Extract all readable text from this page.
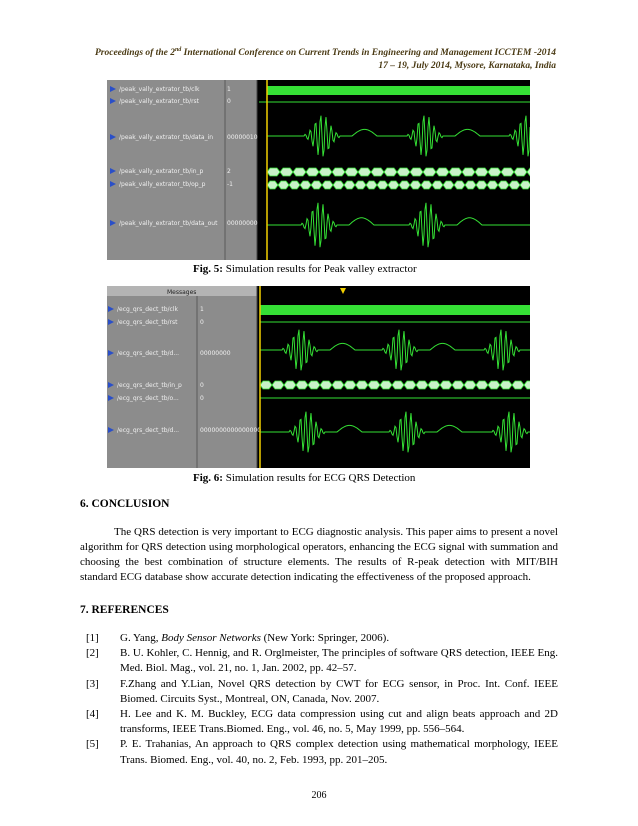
Proceedings of the 2nd International Conference on Current Trends in Engineering and Management ICCTEM -2014
17 – 19, July 2014, Mysore, Karnataka, India
/peak_vally_extrator_tb/clk	1
/peak_vally_extrator_tb/rst	0
/peak_vally_extrator_tb/data_in 00000010
/peak_vally_extrator_tb/in_p	2
/peak_vally_extrator_tb/op_p	-1
/peak_vally_extrator_tb/data_out 00000000
Fig. 5: Simulation results for Peak valley extractor
Messages
/ecg_qrs_dect_tb/clk	1
/ecg_qrs_dect_tb/rst	0
/ecg_qrs_dect_tb/d...	00000000
/ecg_qrs_dect_tb/in_p	0
/ecg_qrs_dect_tb/o...	0
/ecg_qrs_dect_tb/d...	0000000000000000
Fig. 6: Simulation results for ECG QRS Detection
6. CONCLUSION

The QRS detection is very important to ECG diagnostic analysis. This paper aims to present a novel algorithm for QRS detection using morphological operators, enhancing the ECG signal with summation and choosing the best combination of structure elements. The results of R-peak detection with MIT/BIH standard ECG database show accurate detection indicating the effectiveness of the proposed approach.

7. REFERENCES
[1] G. Yang, Body Sensor Networks (New York: Springer, 2006).
[2] B. U. Kohler, C. Hennig, and R. Orglmeister, The principles of software QRS detection, IEEE Eng. Med. Biol. Mag., vol. 21, no. 1, Jan. 2002, pp. 42–57.
[3] F.Zhang and Y.Lian, Novel QRS detection by CWT for ECG sensor, in Proc. Int. Conf. IEEE Biomed. Circuits Syst., Montreal, ON, Canada, Nov. 2007.
[4] H. Lee and K. M. Buckley, ECG data compression using cut and align beats approach and 2D transforms, IEEE Trans.Biomed. Eng., vol. 46, no. 5, May 1999, pp. 556–564.
[5] P. E. Trahanias, An approach to QRS complex detection using mathematical morphology, IEEE Trans. Biomed. Eng., vol. 40, no. 2, Feb. 1993, pp. 201–205.
206
